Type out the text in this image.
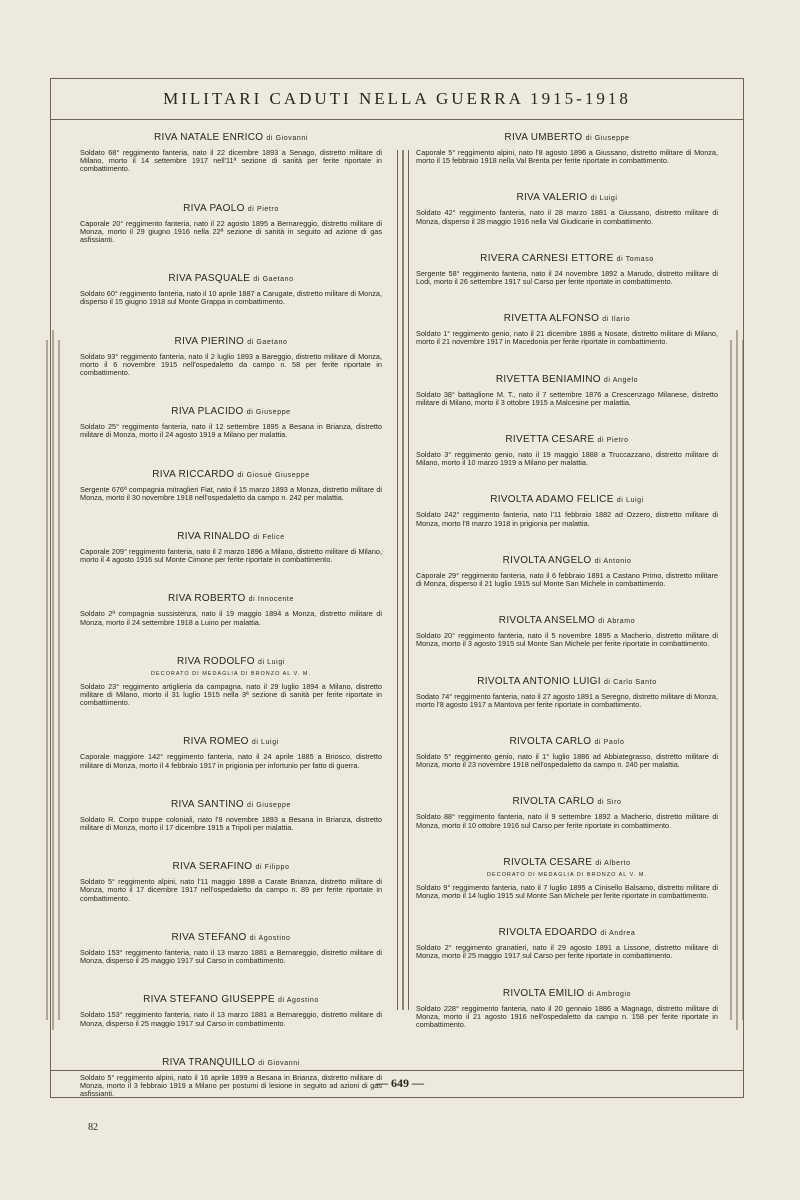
MILITARI CADUTI NELLA GUERRA 1915-1918
RIVA NATALE ENRICO di Giovanni
Soldato 68° reggimento fanteria, nato il 22 dicembre 1893 a Senago, distretto militare di Milano, morto il 14 settembre 1917 nell'11ª sezione di sanità per ferite riportate in combattimento.
RIVA PAOLO di Pietro
Caporale 20° reggimento fanteria, nato il 22 agosto 1895 a Bernareggio, distretto militare di Monza, morto il 29 giugno 1916 nella 22ª sezione di sanità in seguito ad azione di gas asfissianti.
RIVA PASQUALE di Gaetano
Soldato 60° reggimento fanteria, nato il 10 aprile 1887 a Carugate, distretto militare di Monza, disperso il 15 giugno 1918 sul Monte Grappa in combattimento.
RIVA PIERINO di Gaetano
Soldato 93° reggimento fanteria, nato il 2 luglio 1893 a Bareggio, distretto militare di Monza, morto il 6 novembre 1915 nell'ospedaletto da campo n. 58 per ferite riportate in combattimento.
RIVA PLACIDO di Giuseppe
Soldato 25° reggimento fanteria, nato il 12 settembre 1895 a Besana in Brianza, distretto militare di Monza, morto il 24 agosto 1919 a Milano per malattia.
RIVA RICCARDO di Giosuè Giuseppe
Sergente 676ª compagnia mitraglieri Fiat, nato il 15 marzo 1893 a Monza, distretto militare di Monza, morto il 30 novembre 1918 nell'ospedaletto da campo n. 242 per malattia.
RIVA RINALDO di Felice
Caporale 209° reggimento fanteria, nato il 2 marzo 1896 a Milano, distretto militare di Milano, morto il 4 agosto 1916 sul Monte Cimone per ferite riportate in combattimento.
RIVA ROBERTO di Innocente
Soldato 2ª compagnia sussistenza, nato il 19 maggio 1894 a Monza, distretto militare di Monza, morto il 24 settembre 1918 a Luino per malattia.
RIVA RODOLFO di Luigi
DECORATO DI MEDAGLIA DI BRONZO AL V. M.
Soldato 23° reggimento artiglieria da campagna, nato il 29 luglio 1894 a Milano, distretto militare di Milano, morto il 31 luglio 1915 nella 3ª sezione di sanità per ferite riportate in combattimento.
RIVA ROMEO di Luigi
Caporale maggiore 142° reggimento fanteria, nato il 24 aprile 1885 a Briosco, distretto militare di Monza, morto il 4 febbraio 1917 in prigionia per infortunio per fatto di guerra.
RIVA SANTINO di Giuseppe
Soldato R. Corpo truppe coloniali, nato l'8 novembre 1893 a Besana in Brianza, distretto militare di Monza, morto il 17 dicembre 1915 a Tripoli per malattia.
RIVA SERAFINO di Filippo
Soldato 5° reggimento alpini, nato l'11 maggio 1898 a Carate Brianza, distretto militare di Monza, morto il 17 dicembre 1917 nell'ospedaletto da campo n. 89 per ferite riportate in combattimento.
RIVA STEFANO di Agostino
Soldato 153° reggimento fanteria, nato il 13 marzo 1881 a Bernareggio, distretto militare di Monza, disperso il 25 maggio 1917 sul Carso in combattimento.
RIVA STEFANO GIUSEPPE di Agostino
Soldato 153° reggimento fanteria, nato il 13 marzo 1881 a Bernareggio, distretto militare di Monza, disperso il 25 maggio 1917 sul Carso in combattimento.
RIVA TRANQUILLO di Giovanni
Soldato 5° reggimento alpini, nato il 16 aprile 1899 a Besana in Brianza, distretto militare di Monza, morto il 3 febbraio 1919 a Milano per postumi di lesione in seguito ad azioni di gas asfissianti.
RIVA UMBERTO di Giuseppe
Caporale 5° reggimento alpini, nato l'8 agosto 1896 a Giussano, distretto militare di Monza, morto il 15 febbraio 1918 nella Val Brenta per ferite riportate in combattimento.
RIVA VALERIO di Luigi
Soldato 42° reggimento fanteria, nato il 28 marzo 1881 a Giussano, distretto militare di Monza, disperso il 28 maggio 1916 nella Val Giudicarie in combattimento.
RIVERA CARNESI ETTORE di Tomaso
Sergente 58° reggimento fanteria, nato il 24 novembre 1892 a Marudo, distretto militare di Lodi, morto il 26 settembre 1917 sul Carso per ferite riportate in combattimento.
RIVETTA ALFONSO di Ilario
Soldato 1° reggimento genio, nato il 21 dicembre 1886 a Nosate, distretto militare di Milano, morto il 21 novembre 1917 in Macedonia per ferite riportate in combattimento.
RIVETTA BENIAMINO di Angelo
Soldato 38° battaglione M. T., nato il 7 settembre 1876 a Crescenzago Milanese, distretto militare di Milano, morto il 3 ottobre 1915 a Malcesine per malattia.
RIVETTA CESARE di Pietro
Soldato 3° reggimento genio, nato il 19 maggio 1888 a Truccazzano, distretto militare di Milano, morto il 10 marzo 1919 a Milano per malattia.
RIVOLTA ADAMO FELICE di Luigi
Soldato 242° reggimento fanteria, nato l'11 febbraio 1882 ad Ozzero, distretto militare di Monza, morto l'8 marzo 1918 in prigionia per malattia.
RIVOLTA ANGELO di Antonio
Caporale 29° reggimento fanteria, nato il 6 febbraio 1891 a Castano Primo, distretto militare di Monza, disperso il 21 luglio 1915 sul Monte San Michele in combattimento.
RIVOLTA ANSELMO di Abramo
Soldato 20° reggimento fanteria, nato il 5 novembre 1895 a Macherio, distretto militare di Monza, morto il 3 agosto 1915 sul Monte San Michele per ferite riportate in combattimento.
RIVOLTA ANTONIO LUIGI di Carlo Santo
Sodato 74° reggimento fanteria, nato il 27 agosto 1891 a Seregno, distretto militare di Monza, morto l'8 agosto 1917 a Mantova per ferite riportate in combattimento.
RIVOLTA CARLO di Paolo
Soldato 5° reggimento genio, nato il 1° luglio 1886 ad Abbiategrasso, distretto militare di Monza, morto il 23 novembre 1918 nell'ospedaletto da campo n. 240 per malattia.
RIVOLTA CARLO di Siro
Soldato 88° reggimento fanteria, nato il 9 settembre 1892 a Macherio, distretto militare di Monza, morto il 10 ottobre 1916 sul Carso per ferite riportate in combattimento.
RIVOLTA CESARE di Alberto
DECORATO DI MEDAGLIA DI BRONZO AL V. M.
Soldato 9° reggimento fanteria, nato il 7 luglio 1895 a Cinisello Balsamo, distretto militare di Monza, morto il 14 luglio 1915 sul Monte San Michele per ferite riportate in combattimento.
RIVOLTA EDOARDO di Andrea
Soldato 2° reggimento granatieri, nato il 29 agosto 1891 a Lissone, distretto militare di Monza, morto il 25 maggio 1917 sul Carso per ferite riportate in combattimento.
RIVOLTA EMILIO di Ambrogio
Soldato 228° reggimento fanteria, nato il 20 gennaio 1886 a Magnago, distretto militare di Monza, morto il 21 agosto 1916 nell'ospedaletto da campo n. 158 per ferite riportate in combattimento.
— 649 —
82
